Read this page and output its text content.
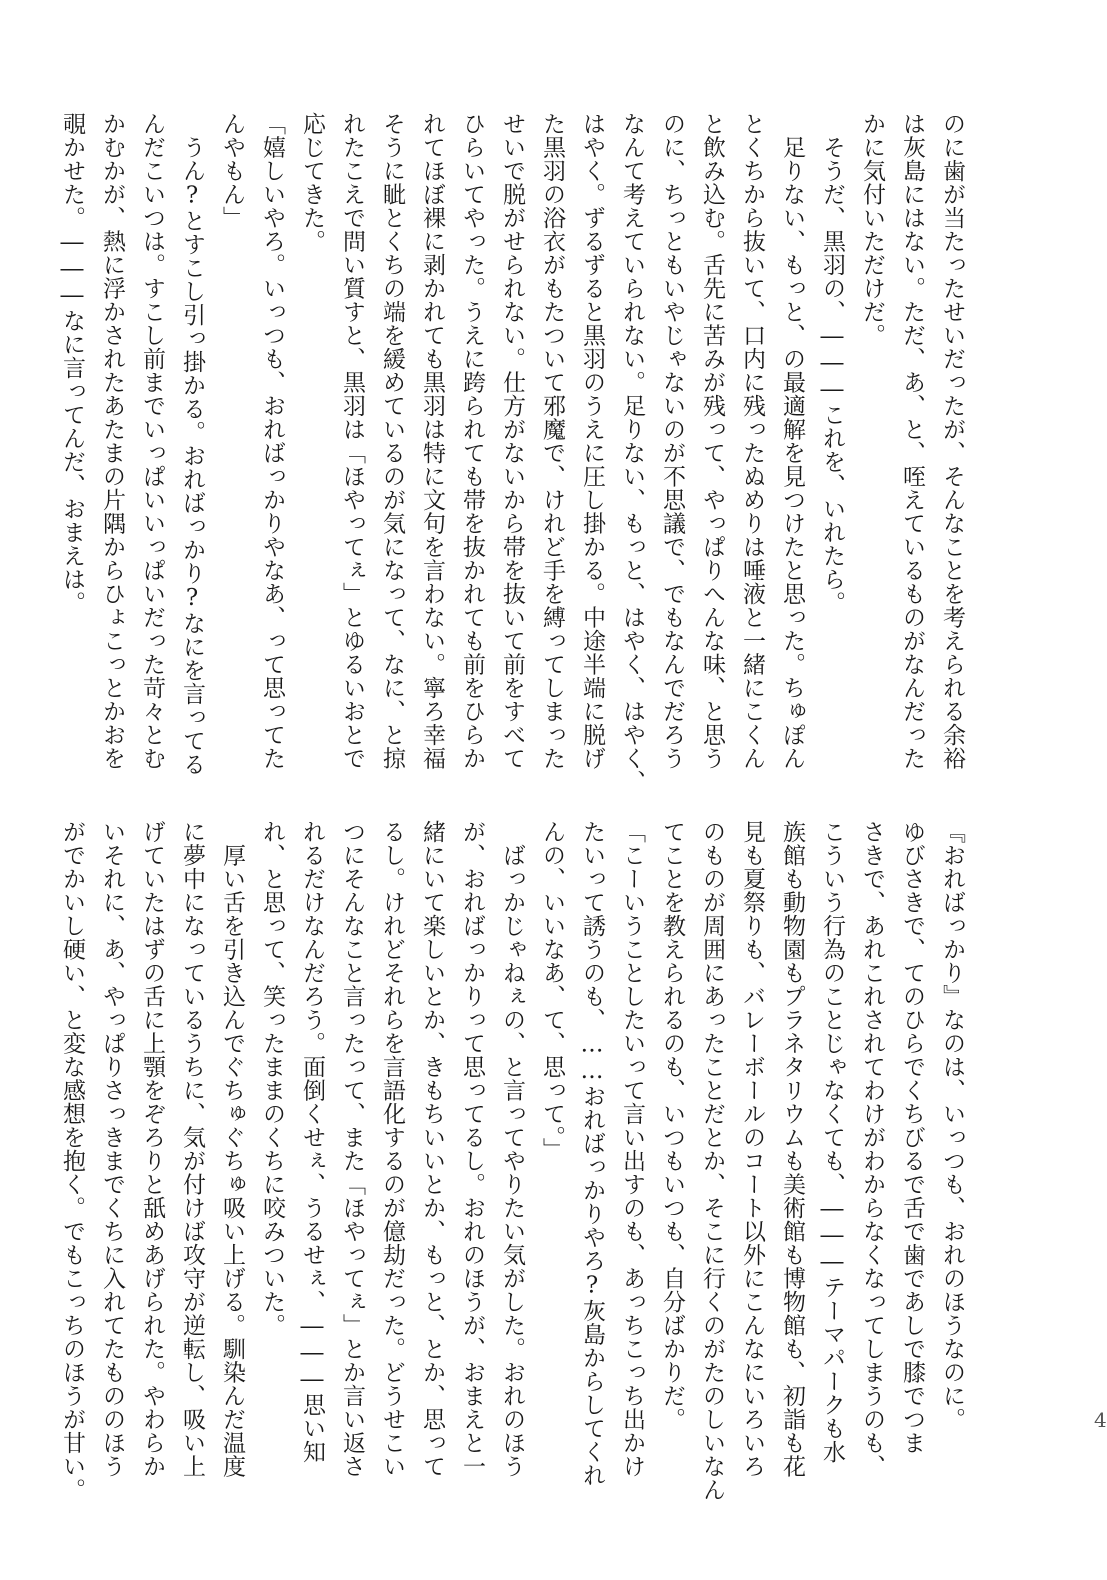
のに歯が当たったせいだったが、そんなことを考えられる余裕
は灰島にはない。ただ、あ、と、咥えているものがなんだった
かに気付いただけだ。
　そうだ、黒羽の、―――これを、いれたら。
　足りない、もっと、の最適解を見つけたと思った。ちゅぽん
とくちから抜いて、口内に残ったぬめりは唾液と一緒にこくん
と飲み込む。舌先に苦みが残って、やっぱりへんな味、と思う
のに、ちっともいやじゃないのが不思議で、でもなんでだろう
なんて考えていられない。足りない、もっと、はやく、はやく、
はやく。ずるずると黒羽のうえに圧し掛かる。中途半端に脱げ
た黒羽の浴衣がもたついて邪魔で、けれど手を縛ってしまった
せいで脱がせられない。仕方がないから帯を抜いて前をすべて
ひらいてやった。うえに跨られても帯を抜かれても前をひらか
れてほぼ裸に剥かれても黒羽は特に文句を言わない。寧ろ幸福
そうに眦とくちの端を緩めているのが気になって、なに、と掠
れたこえで問い質すと、黒羽は「ほやってぇ」とゆるいおとで
応じてきた。
「嬉しいやろ。いっつも、おればっかりやなあ、って思ってた
んやもん」
　うん?とすこし引っ掛かる。おればっかり?なにを言ってる
んだこいつは。すこし前までいっぱいいっぱいだった苛々とむ
かむかが、熱に浮かされたあたまの片隅からひょこっとかおを
覗かせた。―――なに言ってんだ、おまえは。
『おればっかり』なのは、いっつも、おれのほうなのに。
ゆびさきで、てのひらでくちびるで舌で歯であしで膝でつま
さきで、あれこれされてわけがわからなくなってしまうのも、
こういう行為のことじゃなくても、―――テーマパークも水
族館も動物園もプラネタリウムも美術館も博物館も、初詣も花
見も夏祭りも、バレーボールのコート以外にこんなにいろいろ
のものが周囲にあったことだとか、そこに行くのがたのしいなん
てことを教えられるのも、いつもいつも、自分ばかりだ。
「こーいうことしたいって言い出すのも、あっちこっち出かけ
たいって誘うのも、……おればっかりやろ?灰島からしてくれ
んの、いいなあ、て、思って。」
　ばっかじゃねぇの、と言ってやりたい気がした。おれのほう
が、おればっかりって思ってるし。おれのほうが、おまえと一
緒にいて楽しいとか、きもちいいとか、もっと、とか、思って
るし。けれどそれらを言語化するのが億劫だった。どうせこい
つにそんなこと言ったって、また「ほやってぇ」とか言い返さ
れるだけなんだろう。面倒くせぇ、うるせぇ、―――思い知
れ、と思って、笑ったままのくちに咬みついた。
　厚い舌を引き込んでぐちゅぐちゅ吸い上げる。馴染んだ温度
に夢中になっているうちに、気が付けば攻守が逆転し、吸い上
げていたはずの舌に上顎をぞろりと舐めあげられた。やわらか
いそれに、あ、やっぱりさっきまでくちに入れてたもののほう
がでかいし硬い、と変な感想を抱く。でもこっちのほうが甘い。	4
